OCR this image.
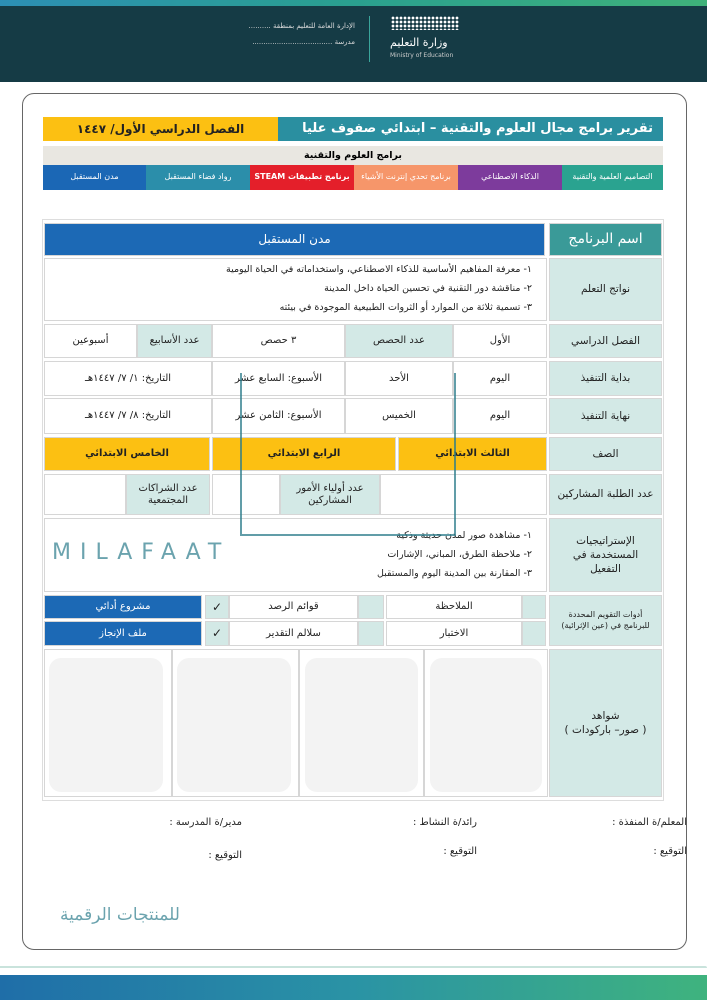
وزارة التعليم
Ministry of Education
الإدارة العامة للتعليم بمنطقة ..........
مدرسة ....................................
تقرير برامج مجال العلوم والتقنية – ابتدائي صفوف عليا
الفصل الدراسي الأول/ ١٤٤٧
برامج العلوم والتقنية
التصاميم العلمية والتقنية
الذكاء الاصطناعي
برنامج تحدي إنترنت الأشياء
برنامج تطبيقات STEAM
رواد فضاء المستقبل
مدن المستقبل
اسم البرنامج
مدن المستقبل
نواتج التعلم
١- معرفة المفاهيم الأساسية للذكاء الاصطناعي، واستخداماته في الحياة اليومية
٢- مناقشة دور التقنية في تحسين الحياة داخل المدينة
٣- تسمية ثلاثة من الموارد أو الثروات الطبيعية الموجودة في بيئته
الفصل الدراسي
الأول
عدد الحصص
٣ حصص
عدد الأسابيع
أسبوعين
بداية التنفيذ
اليوم
الأحد
الأسبوع: السابع عشر
التاريخ: ١/ ٧/ ١٤٤٧هـ
نهاية التنفيذ
اليوم
الخميس
الأسبوع: الثامن عشر
التاريخ: ٨/ ٧/ ١٤٤٧هـ
الصف
الثالث الابتدائي
الرابع الابتدائي
الخامس الابتدائي
عدد الطلبة المشاركين
عدد أولياء الأمور المشاركين
عدد الشراكات المجتمعية
الإستراتيجيات المستخدمة في التفعيل
١- مشاهدة صور لمدن حديثة وذكية
٢- ملاحظة الطرق، المباني، الإشارات
٣- المقارنة بين المدينة اليوم والمستقبل
أدوات التقويم المحددة للبرنامج في (عين الإثرائية)
الملاحظة
قوائم الرصد
✓
مشروع أدائي
الاختبار
سلالم التقدير
✓
ملف الإنجاز
شواهد
( صور– باركودات )
MILAFAAT
للمنتجات الرقمية
المعلم/ة المنفذة :
رائد/ة النشاط :
مدير/ة المدرسة :
التوقيع :
التوقيع :
التوقيع :
